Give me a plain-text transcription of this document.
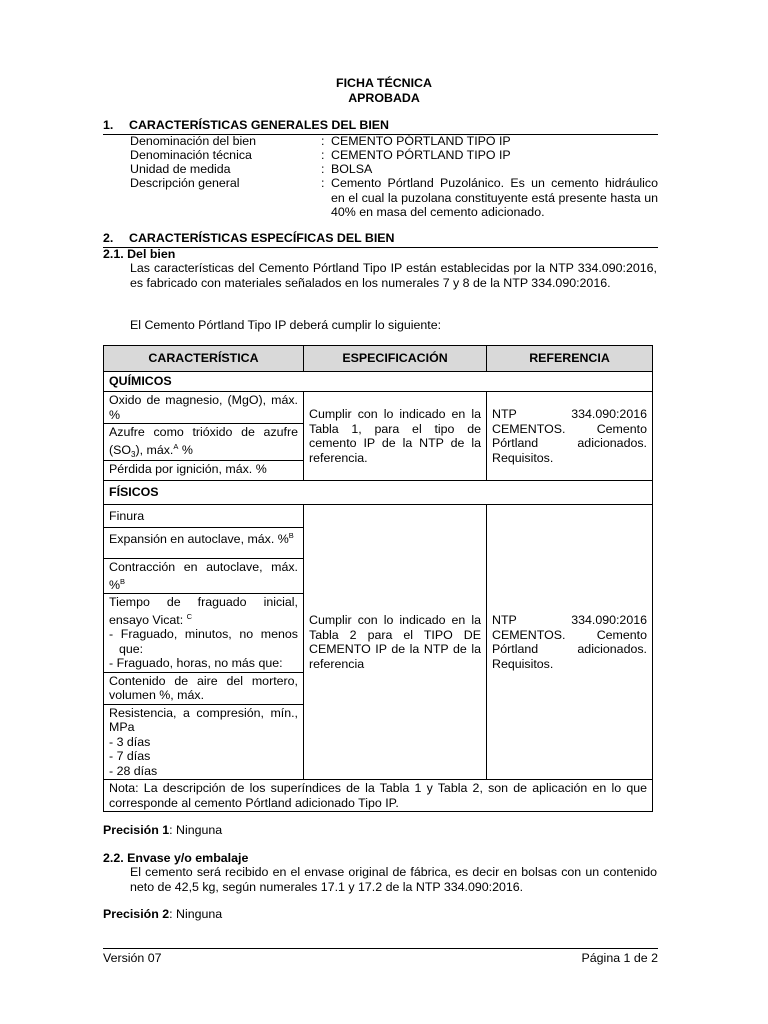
FICHA TÉCNICA
APROBADA
1. CARACTERÍSTICAS GENERALES DEL BIEN
Denominación del bien	: CEMENTO PÓRTLAND TIPO IP
Denominación técnica	: CEMENTO PÓRTLAND TIPO IP
Unidad de medida	: BOLSA
Descripción general	: Cemento Pórtland Puzolánico. Es un cemento hidráulico en el cual la puzolana constituyente está presente hasta un 40% en masa del cemento adicionado.
2. CARACTERÍSTICAS ESPECÍFICAS DEL BIEN
2.1. Del bien
Las características del Cemento Pórtland Tipo IP están establecidas por la NTP 334.090:2016, es fabricado con materiales señalados en los numerales 7 y 8 de la NTP 334.090:2016.
El Cemento Pórtland Tipo IP deberá cumplir lo siguiente:
CARACTERÍSTICA	ESPECIFICACIÓN	REFERENCIA
QUÍMICOS		
Oxido de magnesio, (MgO), máx. %	Cumplir con lo indicado en la Tabla 1, para el tipo de cemento IP de la NTP de la referencia.	NTP 334.090:2016 CEMENTOS. Cemento Pórtland adicionados. Requisitos.
Azufre como trióxido de azufre $(SO_3)$, máx.$^A$ %		
Pérdida por ignición, máx. %		
FÍSICOS		
Finura	Cumplir con lo indicado en la Tabla 2 para el TIPO DE CEMENTO IP de la NTP de la referencia	NTP 334.090:2016 CEMENTOS. Cemento Pórtland adicionados. Requisitos.
Expansión en autoclave, máx. %$^B$
Contracción en autoclave, máx. %$^B$

Tiempo de fraguado inicial, ensayo Vicat: $^C$
- Fraguado, minutos, no menos que:
- Fraguado, horas, no más que:		

Contenido de aire del mortero, volumen %, máx.		

Resistencia, a compresión, mín., MPa
- 3 días
- 7 días
- 28 días		

Nota: La descripción de los superíndices de la Tabla 1 y Tabla 2, son de aplicación en lo que corresponde al cemento Pórtland adicionado Tipo IP.		
Precisión 1: Ninguna
2.2. Envase y/o embalaje
El cemento será recibido en el envase original de fábrica, es decir en bolsas con un contenido neto de 42,5 kg, según numerales 17.1 y 17.2 de la NTP 334.090:2016.
Precisión 2: Ninguna
Versión 07	Página 1 de 2
